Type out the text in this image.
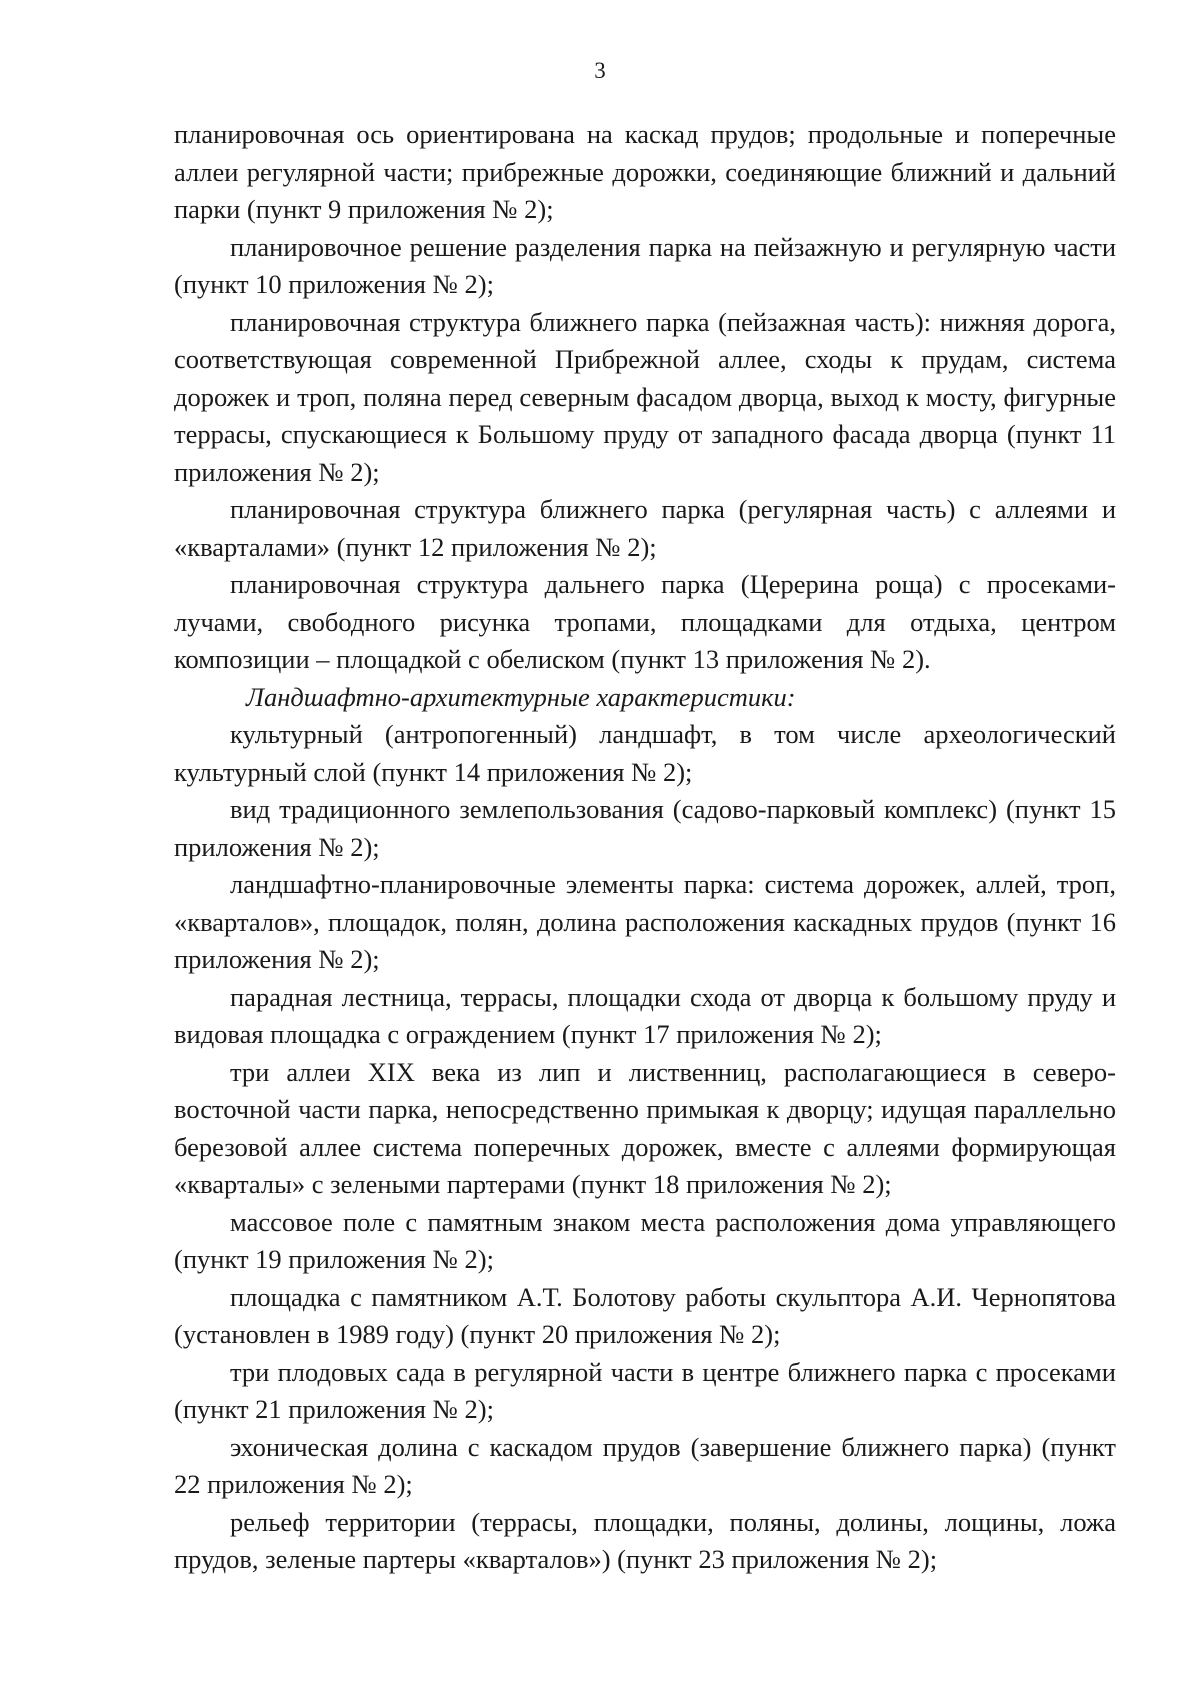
3

планировочная ось ориентирована на каскад прудов; продольные и поперечные аллеи регулярной части; прибрежные дорожки, соединяющие ближний и дальний парки (пункт 9 приложения № 2);

планировочное решение разделения парка на пейзажную и регулярную части (пункт 10 приложения № 2);

планировочная структура ближнего парка (пейзажная часть): нижняя дорога, соответствующая современной Прибрежной аллее, сходы к прудам, система дорожек и троп, поляна перед северным фасадом дворца, выход к мосту, фигурные террасы, спускающиеся к Большому пруду от западного фасада дворца (пункт 11 приложения № 2);

планировочная структура ближнего парка (регулярная часть) с аллеями и «кварталами» (пункт 12 приложения № 2);

планировочная структура дальнего парка (Церерина роща) с просеками-лучами, свободного рисунка тропами, площадками для отдыха, центром композиции – площадкой с обелиском (пункт 13 приложения № 2).

Ландшафтно-архитектурные характеристики:

культурный (антропогенный) ландшафт, в том числе археологический культурный слой (пункт 14 приложения № 2);

вид традиционного землепользования (садово-парковый комплекс) (пункт 15 приложения № 2);

ландшафтно-планировочные элементы парка: система дорожек, аллей, троп, «кварталов», площадок, полян, долина расположения каскадных прудов (пункт 16 приложения № 2);

парадная лестница, террасы, площадки схода от дворца к большому пруду и видовая площадка с ограждением (пункт 17 приложения № 2);

три аллеи XIX века из лип и лиственниц, располагающиеся в северо-восточной части парка, непосредственно примыкая к дворцу; идущая параллельно березовой аллее система поперечных дорожек, вместе с аллеями формирующая «кварталы» с зелеными партерами (пункт 18 приложения № 2);

массовое поле с памятным знаком места расположения дома управляющего (пункт 19 приложения № 2);

площадка с памятником А.Т. Болотову работы скульптора А.И. Чернопятова (установлен в 1989 году) (пункт 20 приложения № 2);

три плодовых сада в регулярной части в центре ближнего парка с просеками (пункт 21 приложения № 2);

эхоническая долина с каскадом прудов (завершение ближнего парка) (пункт 22 приложения № 2);

рельеф территории (террасы, площадки, поляны, долины, лощины, ложа прудов, зеленые партеры «кварталов») (пункт 23 приложения № 2);
